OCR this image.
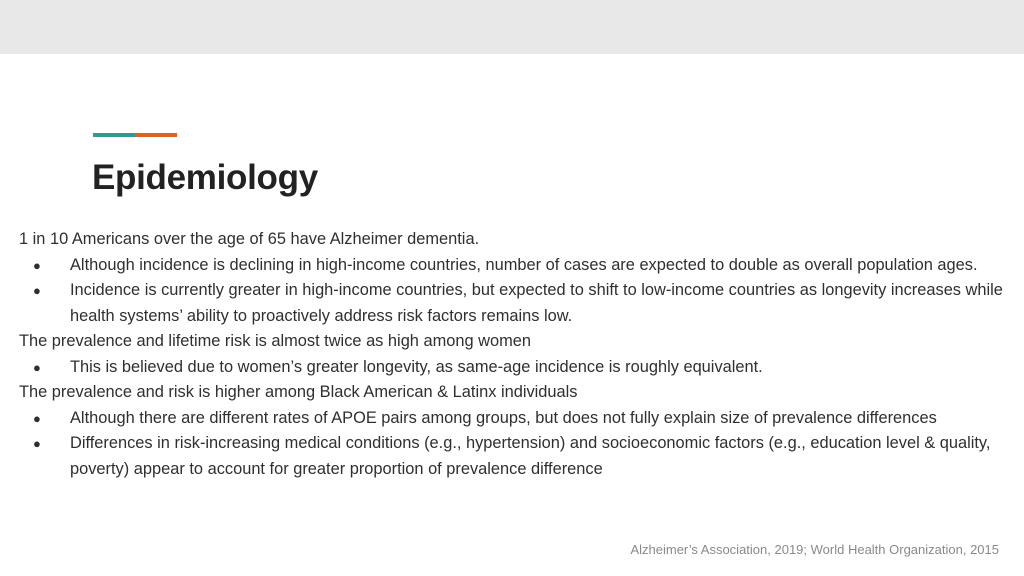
Epidemiology
1 in 10 Americans over the age of 65 have Alzheimer dementia.
● Although incidence is declining in high-income countries, number of cases are expected to double as overall population ages.
● Incidence is currently greater in high-income countries, but expected to shift to low-income countries as longevity increases while health systems’ ability to proactively address risk factors remains low.
The prevalence and lifetime risk is almost twice as high among women
● This is believed due to women’s greater longevity, as same-age incidence is roughly equivalent.
The prevalence and risk is higher among Black American & Latinx individuals
● Although there are different rates of APOE pairs among groups, but does not fully explain size of prevalence differences
● Differences in risk-increasing medical conditions (e.g., hypertension) and socioeconomic factors (e.g., education level & quality, poverty) appear to account for greater proportion of prevalence difference
Alzheimer’s Association, 2019; World Health Organization, 2015
